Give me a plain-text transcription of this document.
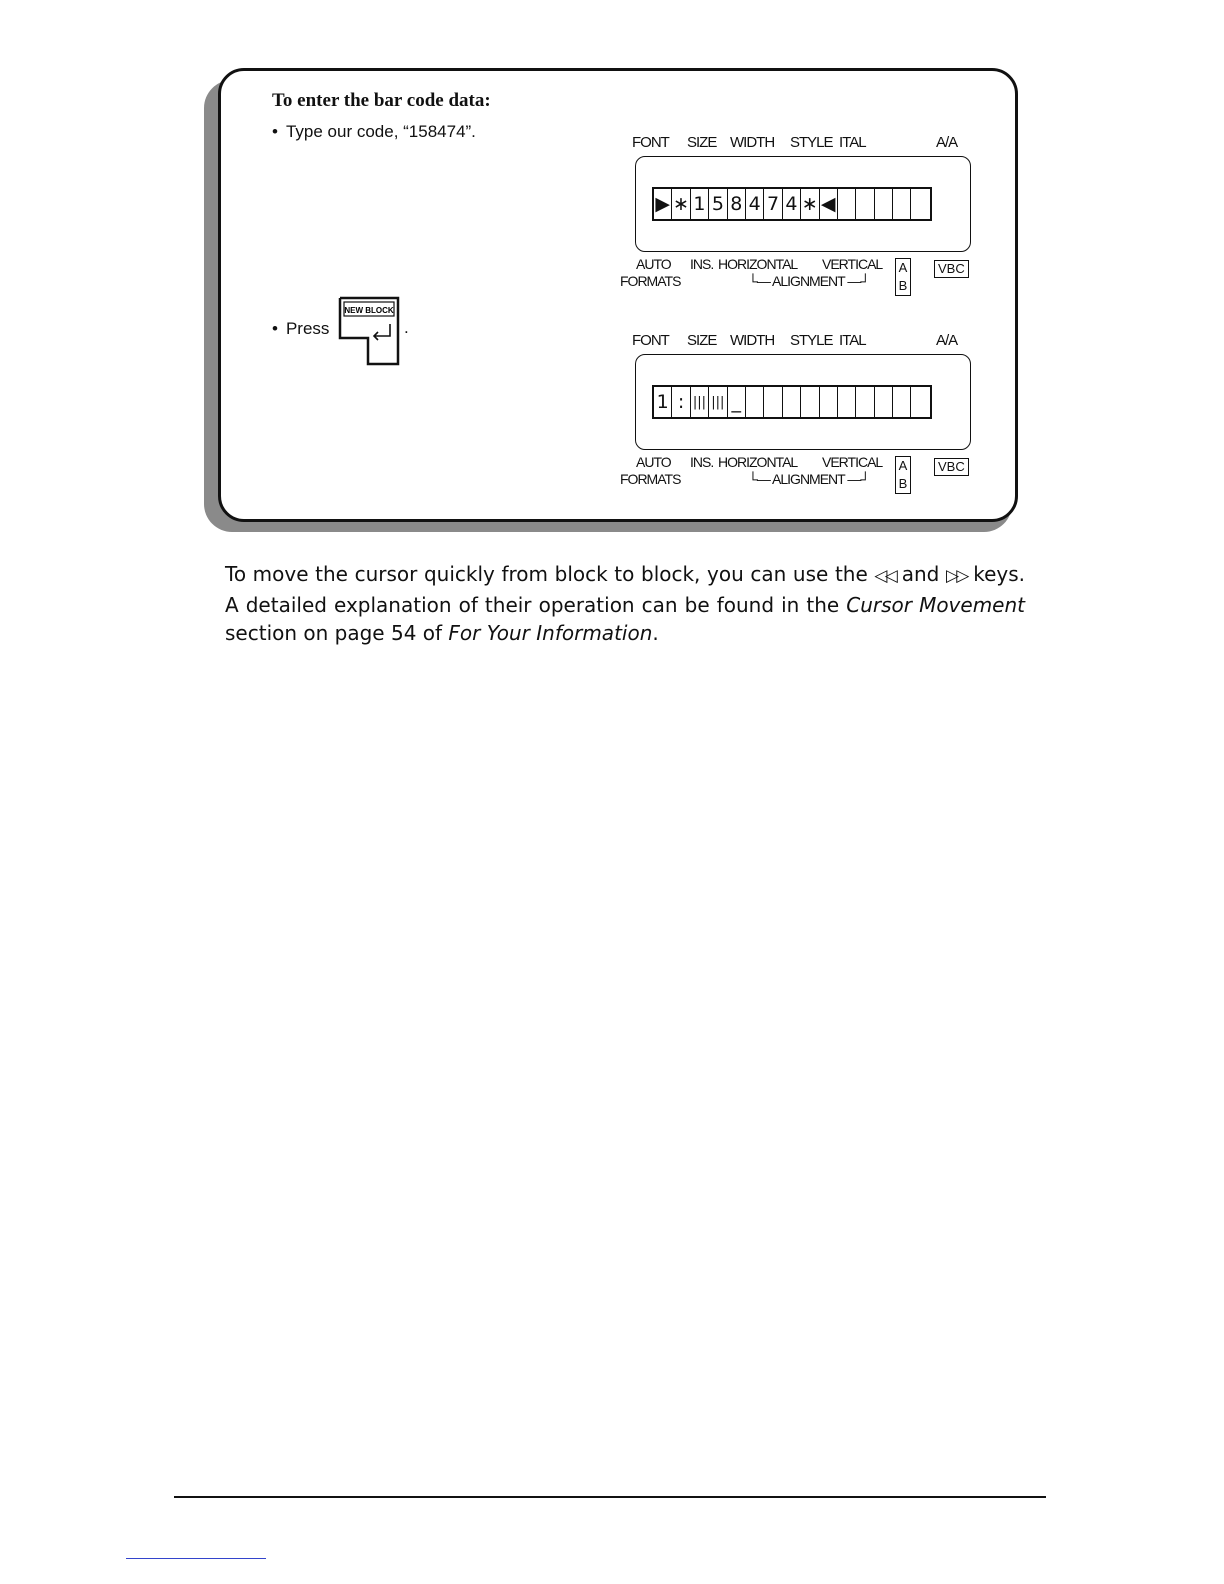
To enter the bar code data:
• Type our code, “158474”.
• Press
NEW BLOCK
.
FONT SIZE WIDTH STYLE ITAL	A/A
▶ ∗ 1 5 8 4 7 4 ∗ ◀
AUTO
FORMATS
INS. HORIZONTAL VERTICAL
└— ALIGNMENT —┘
A
B
VBC
FONT SIZE WIDTH STYLE ITAL	A/A
1 : ||| ||| _
AUTO
FORMATS
INS. HORIZONTAL VERTICAL
└— ALIGNMENT —┘
A
B
VBC

To move the cursor quickly from block to block, you can use the ◁◁ and ▷▷ keys. A detailed explanation of their operation can be found in the Cursor Movement section on page 54 of For Your Information.
